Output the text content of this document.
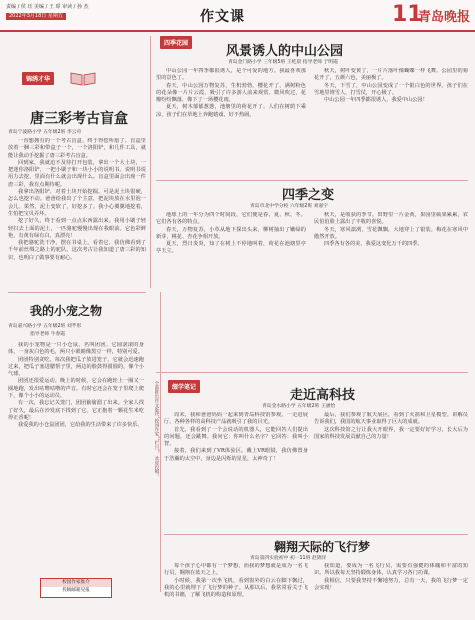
责编 / 侯 珏 美编 / 王 璟 审读 / 孙 杰
2022年3月18日 星期五	作文课	11
青岛晚报
锦绣才华
唐三彩考古盲盒
青岛宁波路小学 五年级2班 李云舟

一直想拥有的一个考古盲盒，终于得偿所愿了。盲盒里放着一捆三彩和带盒子一个，一个洛阳铲，和几件工具，就能让我动手挖掘了唐三彩考古盲盒。

回到家，我就迫不及待打开包装，拿出一个大土块，一把迷你洛阳铲，一把小刷子和一块小小的说明书。说明书说用力去挖，里面有什么就会出现什么。盲盒里面会出现一件唐三彩，我有点期待呢。

我拿出洛阳铲，对着土块开始挖掘。可是泥土块很硬，怎么也挖不动。爸爸给我出了个主意，把泥块放在水里泡一会儿。果然，泥土变软了，好挖多了。我小心翼翼地挖着，生怕把宝贝弄坏。

挖了好久，终于看到一点点东西露出来。我用小刷子轻轻扫去上面的泥土，一匹骆驼慢慢出现在我眼前。它色彩鲜艳，有黄有绿有白，真漂亮！

我把骆驼洗干净，摆在书桌上。看着它，我仿佛看到了千年前丝绸之路上的驼队。这次考古让我知道了唐三彩的知识，也明白了做事要有耐心。

我的小宠之物
青岛嘉兴路小学 五年级2班 刘芊彤
指导老师 牛春霞

我的小宠物是一只小仓鼠，名叫团团。它圆滚滚的身体，一身灰白色的毛，两只小眼睛像黑豆一样，特别可爱。

团团特别贪吃。每次我把瓜子放进笼子，它就会迅速跑过来，把瓜子塞进腮帮子里，两边的脸鼓得圆圆的，像个小气球。

团团还很爱运动。晚上的时候，它会在跑轮上一圈又一圈地跑，发出咕噜咕噜的声音。有时它还会在笼子里爬上爬下，像个小小的运动员。

有一次，我忘记关笼门，团团偷偷溜了出来。全家人找了好久，最后在沙发底下找到了它。它正抱着一颗花生米吃得正香呢！

我爱我的小仓鼠团团，它给我的生活带来了许多快乐。	全新推出作文版块“校园作家”“栏目”，欢迎投稿！
校园作家推介
投稿邮箱见报
四季花园
风景诱人的中山公园
青岛金门路小学 三年级5班 王屹晨 指导老师 于明霞

中山公园一年四季都很诱人，是个可爱的地方。我最喜欢那里的景色了。

春天，中山公园万物复苏，生机勃勃。樱花开了，满树粉色的花朵像一片片云霞，吸引了许多游人前来观赏。微风吹过，花瓣纷纷飘落，像下了一场樱花雨。

夏天，树木郁郁葱葱，池塘里的荷花开了。人们在树荫下乘凉，孩子们在草地上奔跑嬉戏，好不热闹。

秋天，树叶变黄了，一片片落叶像蝴蝶一样飞舞。公园里的菊花开了，五颜六色，美丽极了。

冬天，下雪了，中山公园变成了一个银白色的世界。孩子们在雪地里堆雪人、打雪仗，开心极了。

中山公园一年四季都很诱人，我爱中山公园！

四季之变
青岛市北中学分校 六年级2班 刘嘉宇

地球上的一年分为四个时间段，它们便是春、夏、秋、冬。它们各有各的特点。

春天，万物复苏，小草从地下探出头来，柳树抽出了嫩绿的新芽，桃花、杏花争相开放。

夏天，烈日炎炎，知了在树上不停地叫着，荷花在池塘里亭亭玉立。

秋天，是收获的季节。田野里一片金黄，果园里硕果累累，农民伯伯脸上露出了丰收的喜悦。

冬天，寒风凛冽，雪花飘飘，大地穿上了银装。梅花在寒风中傲然开放。

四季各有各的美，我爱这变化万千的四季。

缀学笔记
走近高科技
青岛金水路小学 五年级2班 王涵怡

周末，我和爸爸妈妈一起来到青岛科技馆参观。一走进展厅，各种各样的高科技产品就吸引了我的目光。

首先，我看到了一个会说话的机器人，它能回答人们提出的问题，还会跳舞。我问它：你叫什么名字？它回答：我叫小智。

接着，我们来到了VR体验区。戴上VR眼镜，我仿佛置身于浩瀚的太空中，身边是闪烁的星星，太神奇了！

最后，我们参观了航天展区，看到了火箭和卫星模型。讲解员告诉我们，我国的航天事业取得了巨大的成就。

这次科技馆之行让我大开眼界，我一定要好好学习，长大后为国家的科技发展贡献自己的力量！

翱翔天际的飞行梦
青岛第四实验初中 初一11班 赵锦洋

每个孩子心中都有一个梦想，而我的梦想就是成为一名飞行员，翱翔在蓝天之上。

小时候，我第一次坐飞机，看到窗外的白云在脚下飘过，我的心里就埋下了飞行梦的种子。从那以后，我常常看关于飞机的书籍，了解飞机的构造和原理。

我知道，要成为一名飞行员，需要有强健的体魄和丰富的知识。所以我每天坚持锻炼身体，认真学习各门功课。

我相信，只要我坚持不懈地努力，总有一天，我的飞行梦一定会实现！
